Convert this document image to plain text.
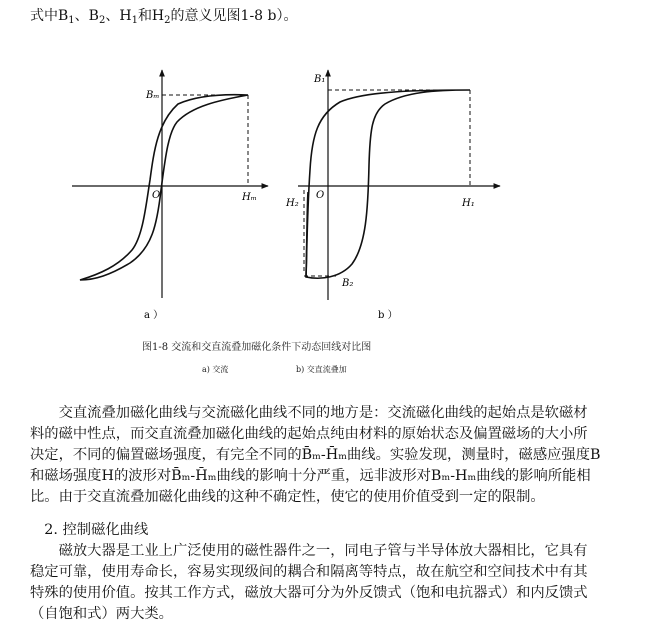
式中$B_1$、$B_2$、$H_1$和$H_2$的意义见图1-8 b）。
Bₘ
O	Hₘ
a ）
B₁
O
H₁
H₂
B₂
b ）
图1-8 交流和交直流叠加磁化条件下动态回线对比图
a) 交流	b) 交直流叠加
　　交直流叠加磁化曲线与交流磁化曲线不同的地方是：交流磁化曲线的起始点是软磁材
料的磁中性点，而交直流叠加磁化曲线的起始点纯由材料的原始状态及偏置磁场的大小所
决定，不同的偏置磁场强度，有完全不同的B̄ₘ-H̄ₘ曲线。实验发现，测量时，磁感应强度B
和磁场强度H的波形对B̄ₘ-H̄ₘ曲线的影响十分严重，远非波形对Bₘ-Hₘ曲线的影响所能相
比。由于交直流叠加磁化曲线的这种不确定性，使它的使用价值受到一定的限制。
　2. 控制磁化曲线
　　磁放大器是工业上广泛使用的磁性器件之一，同电子管与半导体放大器相比，它具有
稳定可靠，使用寿命长，容易实现级间的耦合和隔离等特点，故在航空和空间技术中有其
特殊的使用价值。按其工作方式，磁放大器可分为外反馈式（饱和电抗器式）和内反馈式
（自饱和式）两大类。
